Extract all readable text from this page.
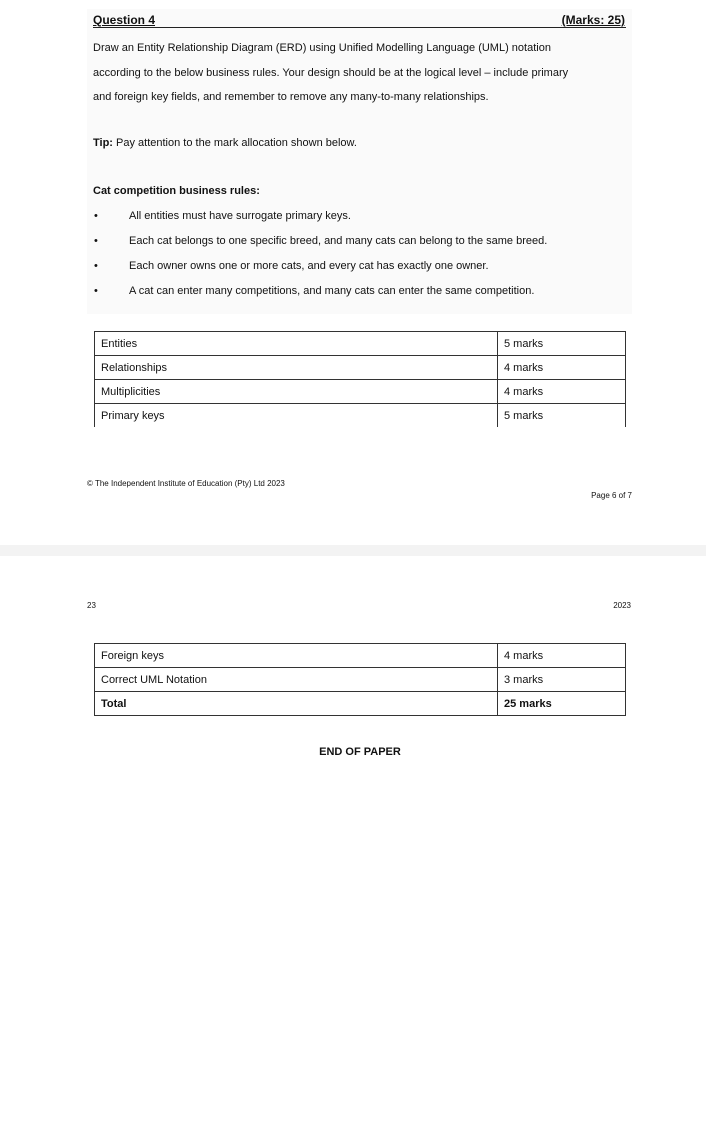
Question 4	(Marks: 25)
Draw an Entity Relationship Diagram (ERD) using Unified Modelling Language (UML) notation
according to the below business rules. Your design should be at the logical level – include primary
and foreign key fields, and remember to remove any many-to-many relationships.
Tip: Pay attention to the mark allocation shown below.
Cat competition business rules:
•	All entities must have surrogate primary keys.
•	Each cat belongs to one specific breed, and many cats can belong to the same breed.
•	Each owner owns one or more cats, and every cat has exactly one owner.
•	A cat can enter many competitions, and many cats can enter the same competition.
Entities	5 marks
Relationships	4 marks
Multiplicities	4 marks
Primary keys	5 marks
© The Independent Institute of Education (Pty) Ltd 2023
Page 6 of 7
23	2023
Foreign keys	4 marks
Correct UML Notation	3 marks
Total	25 marks
END OF PAPER
